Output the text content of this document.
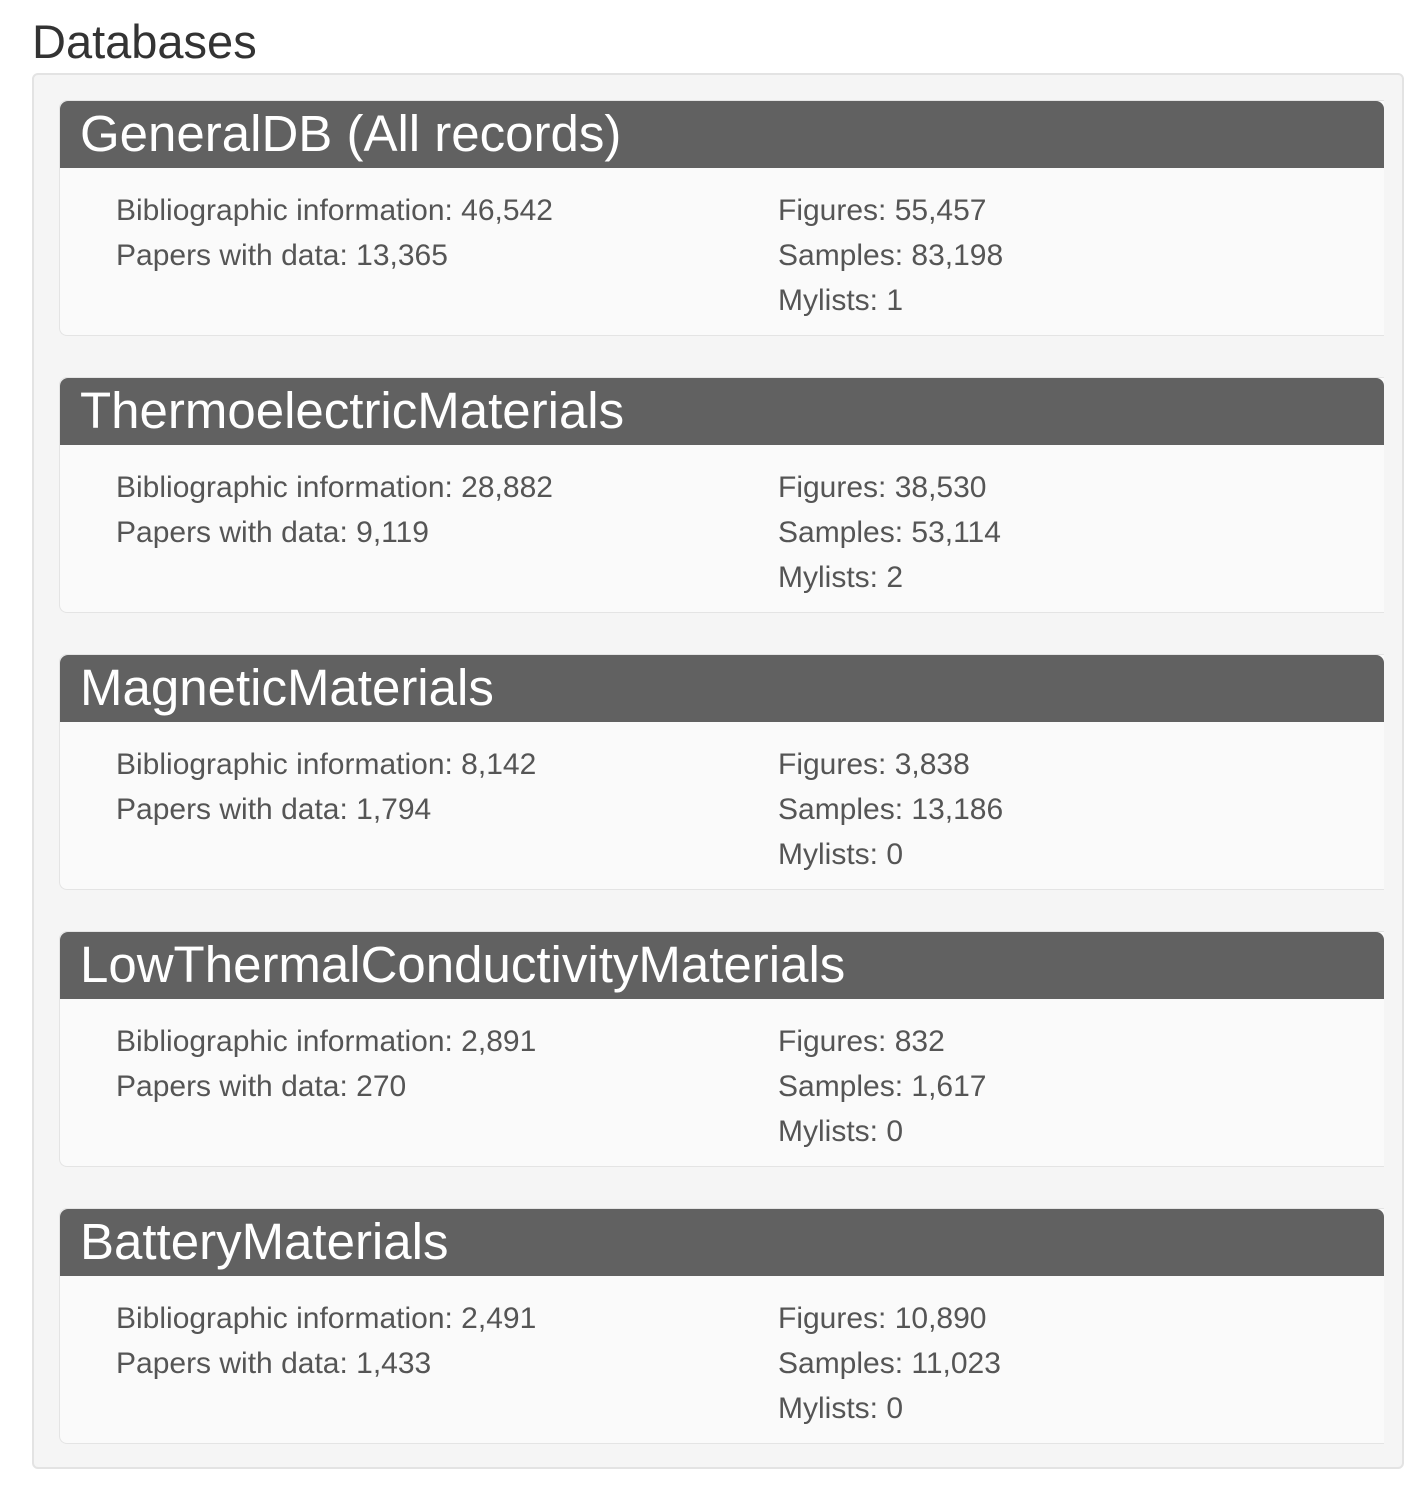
Databases
GeneralDB (All records)
Bibliographic information: 46,542
Papers with data: 13,365
Figures: 55,457
Samples: 83,198
Mylists: 1
ThermoelectricMaterials
Bibliographic information: 28,882
Papers with data: 9,119
Figures: 38,530
Samples: 53,114
Mylists: 2
MagneticMaterials
Bibliographic information: 8,142
Papers with data: 1,794
Figures: 3,838
Samples: 13,186
Mylists: 0
LowThermalConductivityMaterials
Bibliographic information: 2,891
Papers with data: 270
Figures: 832
Samples: 1,617
Mylists: 0
BatteryMaterials
Bibliographic information: 2,491
Papers with data: 1,433
Figures: 10,890
Samples: 11,023
Mylists: 0
